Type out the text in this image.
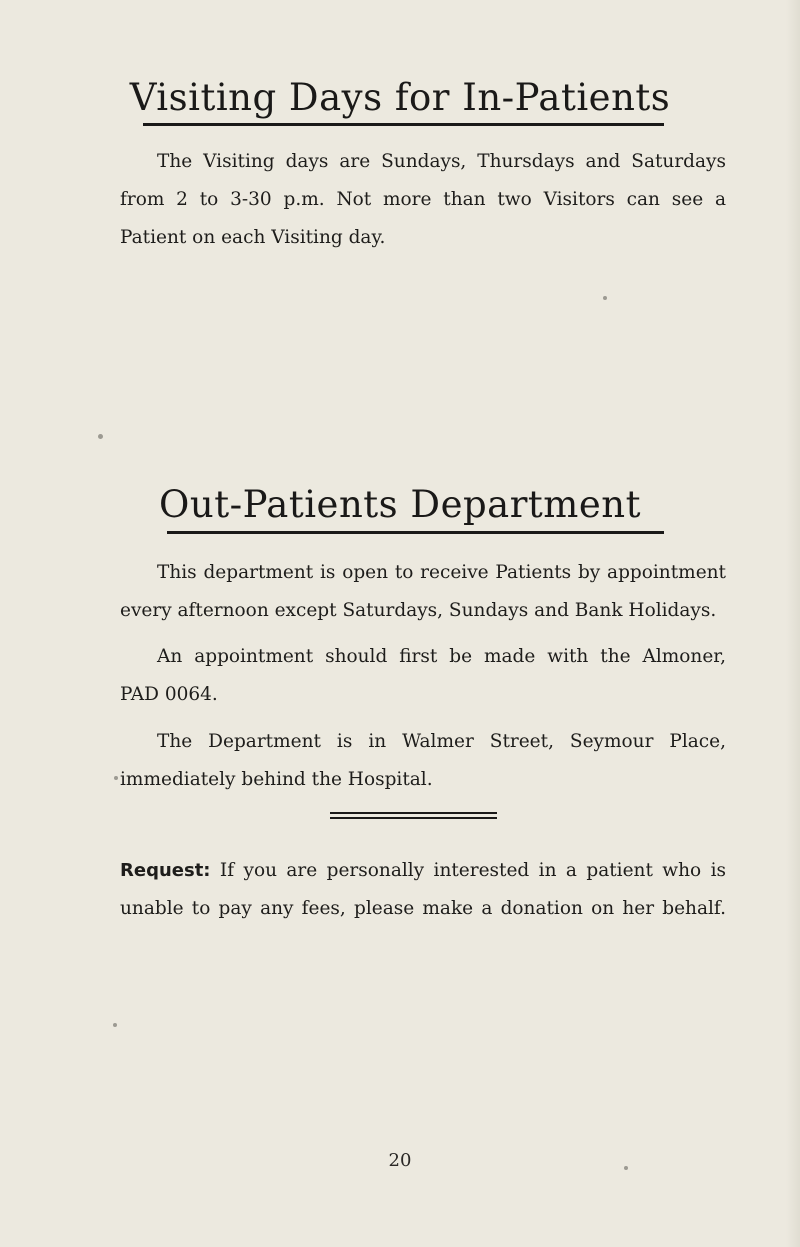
Visiting Days for In-Patients
The Visiting days are Sundays, Thursdays and Saturdays
from 2 to 3-30 p.m. Not more than two Visitors can see a
Patient on each Visiting day.
Out-Patients Department
This department is open to receive Patients by appointment
every afternoon except Saturdays, Sundays and Bank Holidays.
An appointment should first be made with the Almoner,
PAD 0064.
The Department is in Walmer Street, Seymour Place,
immediately behind the Hospital.
Request: If you are personally interested in a patient who is
unable to pay any fees, please make a donation on her behalf.
20
